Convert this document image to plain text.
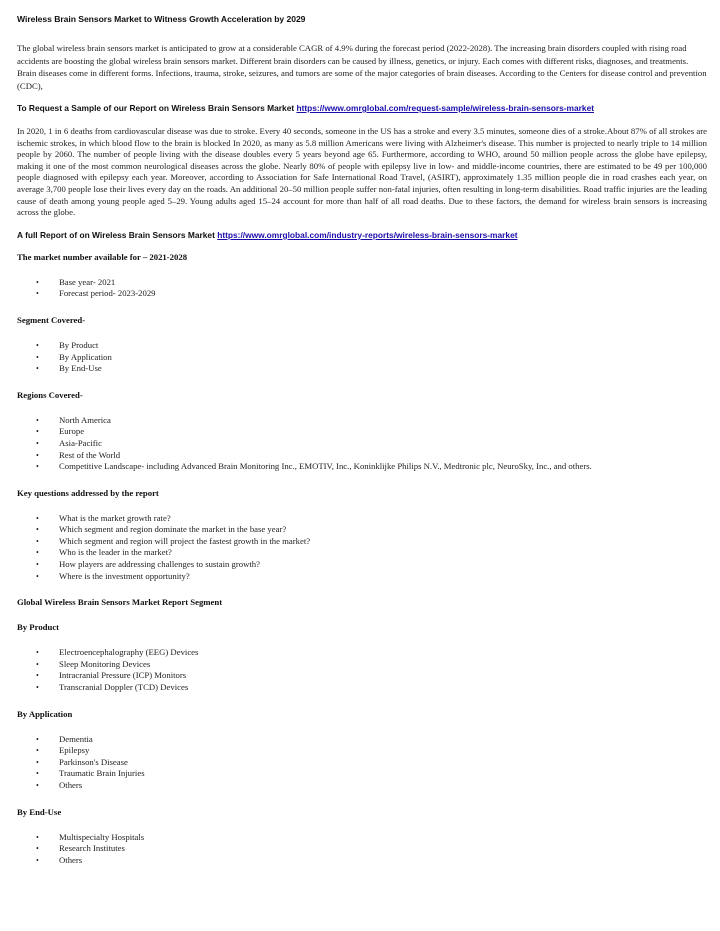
Wireless Brain Sensors Market to Witness Growth Acceleration by 2029

The global wireless brain sensors market is anticipated to grow at a considerable CAGR of 4.9% during the forecast period (2022-2028). The increasing brain disorders coupled with rising road accidents are boosting the global wireless brain sensors market. Different brain disorders can be caused by illness, genetics, or injury. Each comes with different risks, diagnoses, and treatments. Brain diseases come in different forms. Infections, trauma, stroke, seizures, and tumors are some of the major categories of brain diseases. According to the Centers for disease control and prevention (CDC),

To Request a Sample of our Report on Wireless Brain Sensors Market https://www.omrglobal.com/request-sample/wireless-brain-sensors-market

In 2020, 1 in 6 deaths from cardiovascular disease was due to stroke. Every 40 seconds, someone in the US has a stroke and every 3.5 minutes, someone dies of a stroke.About 87% of all strokes are ischemic strokes, in which blood flow to the brain is blocked In 2020, as many as 5.8 million Americans were living with Alzheimer's disease. This number is projected to nearly triple to 14 million people by 2060. The number of people living with the disease doubles every 5 years beyond age 65. Furthermore, according to WHO, around 50 million people across the globe have epilepsy, making it one of the most common neurological diseases across the globe. Nearly 80% of people with epilepsy live in low- and middle-income countries, there are estimated to be 49 per 100,000 people diagnosed with epilepsy each year. Moreover, according to Association for Safe International Road Travel, (ASIRT), approximately 1.35 million people die in road crashes each year, on average 3,700 people lose their lives every day on the roads. An additional 20–50 million people suffer non-fatal injuries, often resulting in long-term disabilities. Road traffic injuries are the leading cause of death among young people aged 5–29. Young adults aged 15–24 account for more than half of all road deaths. Due to these factors, the demand for wireless brain sensors is increasing across the globe.

A full Report of on Wireless Brain Sensors Market https://www.omrglobal.com/industry-reports/wireless-brain-sensors-market

The market number available for – 2021-2028

• Base year- 2021
• Forecast period- 2023-2029

Segment Covered-

• By Product
• By Application
• By End-Use

Regions Covered-

• North America
• Europe
• Asia-Pacific
• Rest of the World
• Competitive Landscape- including Advanced Brain Monitoring Inc., EMOTIV, Inc., Koninklijke Philips N.V., Medtronic plc, NeuroSky, Inc., and others.

Key questions addressed by the report

• What is the market growth rate?
• Which segment and region dominate the market in the base year?
• Which segment and region will project the fastest growth in the market?
• Who is the leader in the market?
• How players are addressing challenges to sustain growth?
• Where is the investment opportunity?

Global Wireless Brain Sensors Market Report Segment

By Product

• Electroencephalography (EEG) Devices
• Sleep Monitoring Devices
• Intracranial Pressure (ICP) Monitors
• Transcranial Doppler (TCD) Devices

By Application

• Dementia
• Epilepsy
• Parkinson's Disease
• Traumatic Brain Injuries
• Others

By End-Use

• Multispecialty Hospitals
• Research Institutes
• Others
